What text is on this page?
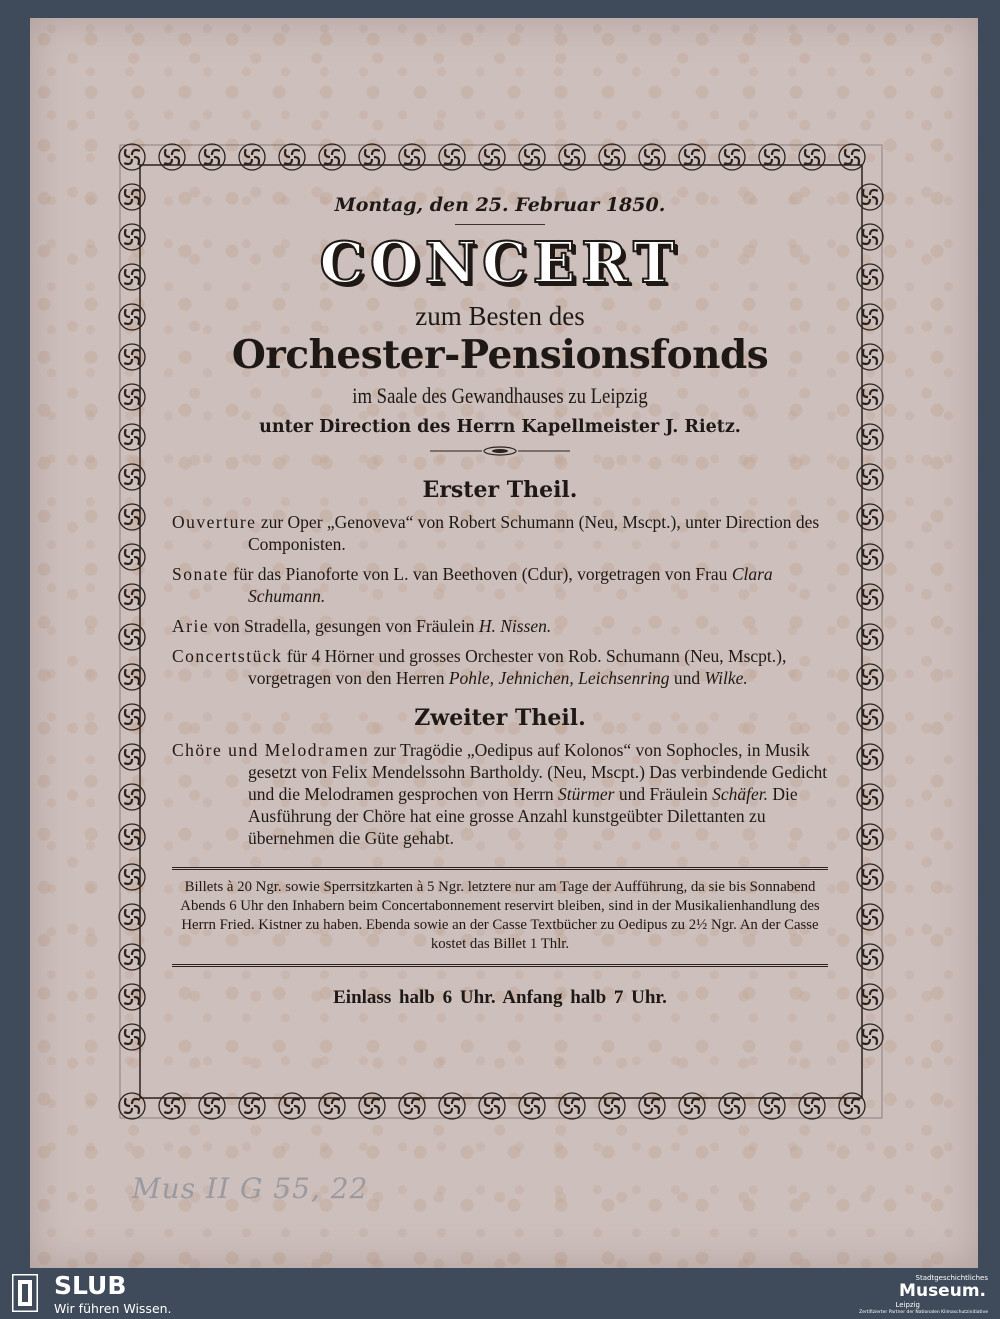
Montag, den 25. Februar 1850.
CONCERT
zum Besten des
Orchester-Pensionsfonds
im Saale des Gewandhauses zu Leipzig
unter Direction des Herrn Kapellmeister J. Rietz.
Erster Theil.
Ouverture zur Oper „Genoveva“ von Robert Schumann (Neu, Mscpt.), unter Direction des Componisten.
Sonate für das Pianoforte von L. van Beethoven (Cdur), vorgetragen von Frau Clara Schumann.
Arie von Stradella, gesungen von Fräulein H. Nissen.
Concertstück für 4 Hörner und grosses Orchester von Rob. Schumann (Neu, Mscpt.), vorgetragen von den Herren Pohle, Jehnichen, Leichsenring und Wilke.
Zweiter Theil.
Chöre und Melodramen zur Tragödie „Oedipus auf Kolonos“ von Sophocles, in Musik gesetzt von Felix Mendelssohn Bartholdy. (Neu, Mscpt.) Das verbindende Gedicht und die Melodramen gesprochen von Herrn Stürmer und Fräulein Schäfer. Die Ausführung der Chöre hat eine grosse Anzahl kunstgeübter Dilettanten zu übernehmen die Güte gehabt.
Billets à 20 Ngr. sowie Sperrsitzkarten à 5 Ngr. letztere nur am Tage der Aufführung, da sie bis Sonnabend Abends 6 Uhr den Inhabern beim Concertabonnement reservirt bleiben, sind in der Musikalienhandlung des Herrn Fried. Kistner zu haben. Ebenda sowie an der Casse Textbücher zu Oedipus zu 2½ Ngr. An der Casse kostet das Billet 1 Thlr.
Einlass halb 6 Uhr. Anfang halb 7 Uhr.
Mus II G 55, 22
SLUB
Wir führen Wissen.
Stadtgeschichtliches
Museum.
Leipzig
Zertifizierter Partner der Nationalen Klimaschutzinitiative
